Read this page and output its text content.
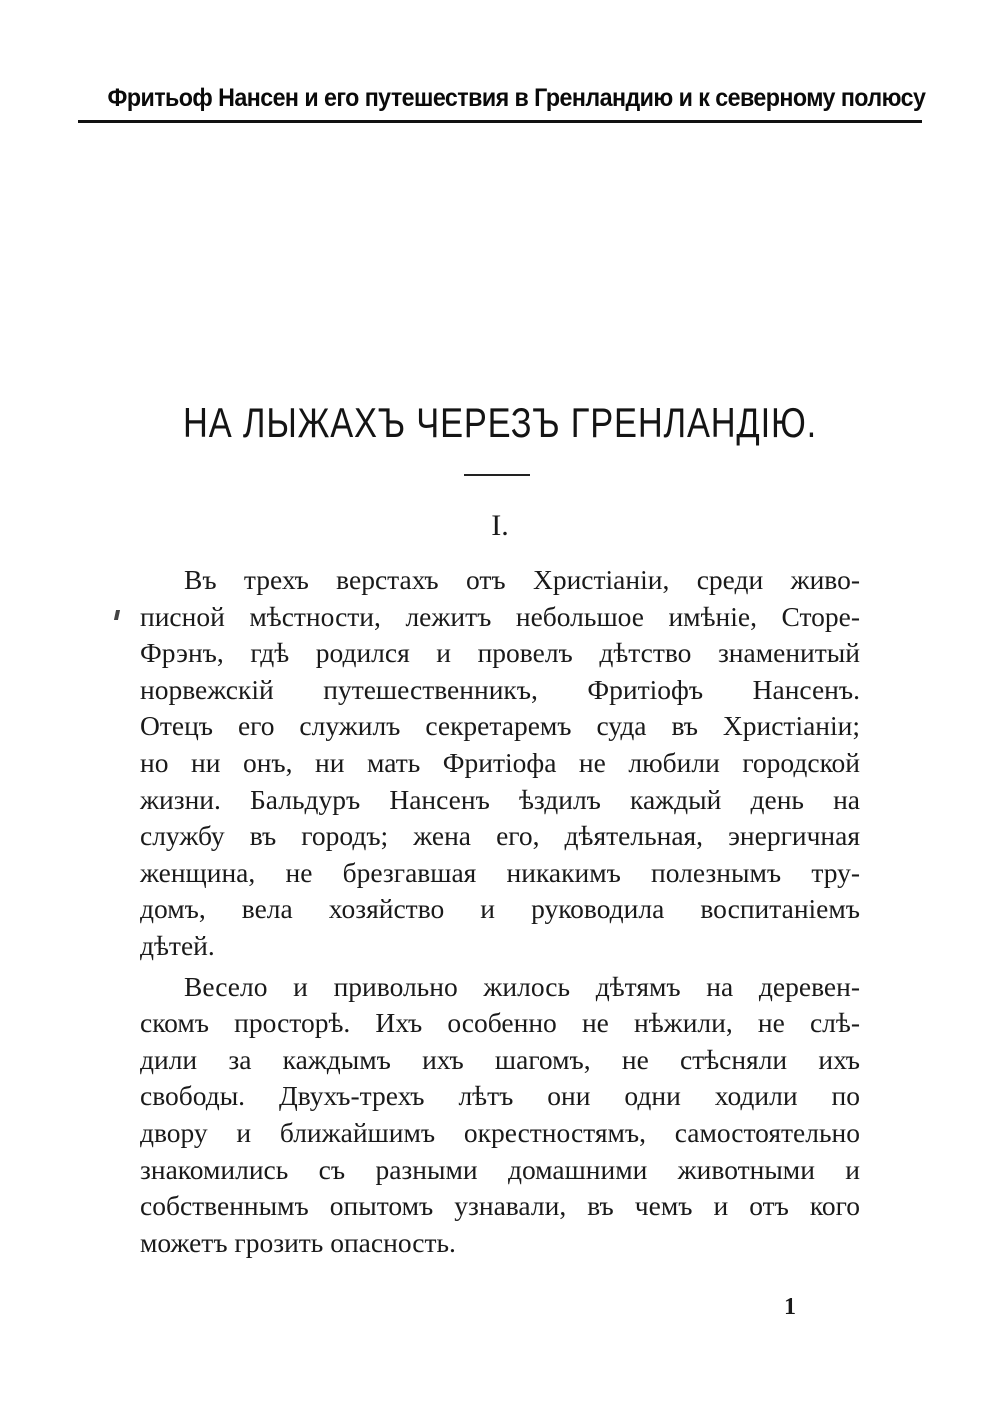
Фритьоф Нансен и его путешествия в Гренландию и к северному полюсу
НА ЛЫЖАХЪ ЧЕРЕЗЪ ГРЕНЛАНДІЮ.
I.
Въ трехъ верстахъ отъ Христіаніи, среди живо-
писной мѣстности, лежитъ небольшое имѣніе, Сторе-
Фрэнъ, гдѣ родился и провелъ дѣтство знаменитый
норвежскій путешественникъ, Фритіофъ Нансенъ.
Отецъ его служилъ секретаремъ суда въ Христіаніи;
но ни онъ, ни мать Фритіофа не любили городской
жизни. Бальдуръ Нансенъ ѣздилъ каждый день на
службу въ городъ; жена его, дѣятельная, энергичная
женщина, не брезгавшая никакимъ полезнымъ тру-
домъ, вела хозяйство и руководила воспитаніемъ
дѣтей.
Весело и привольно жилось дѣтямъ на деревен-
скомъ просторѣ. Ихъ особенно не нѣжили, не слѣ-
дили за каждымъ ихъ шагомъ, не стѣсняли ихъ
свободы. Двухъ-трехъ лѣтъ они одни ходили по
двору и ближайшимъ окрестностямъ, самостоятельно
знакомились съ разными домашними животными и
собственнымъ опытомъ узнавали, въ чемъ и отъ кого
можетъ грозить опасность.
1
